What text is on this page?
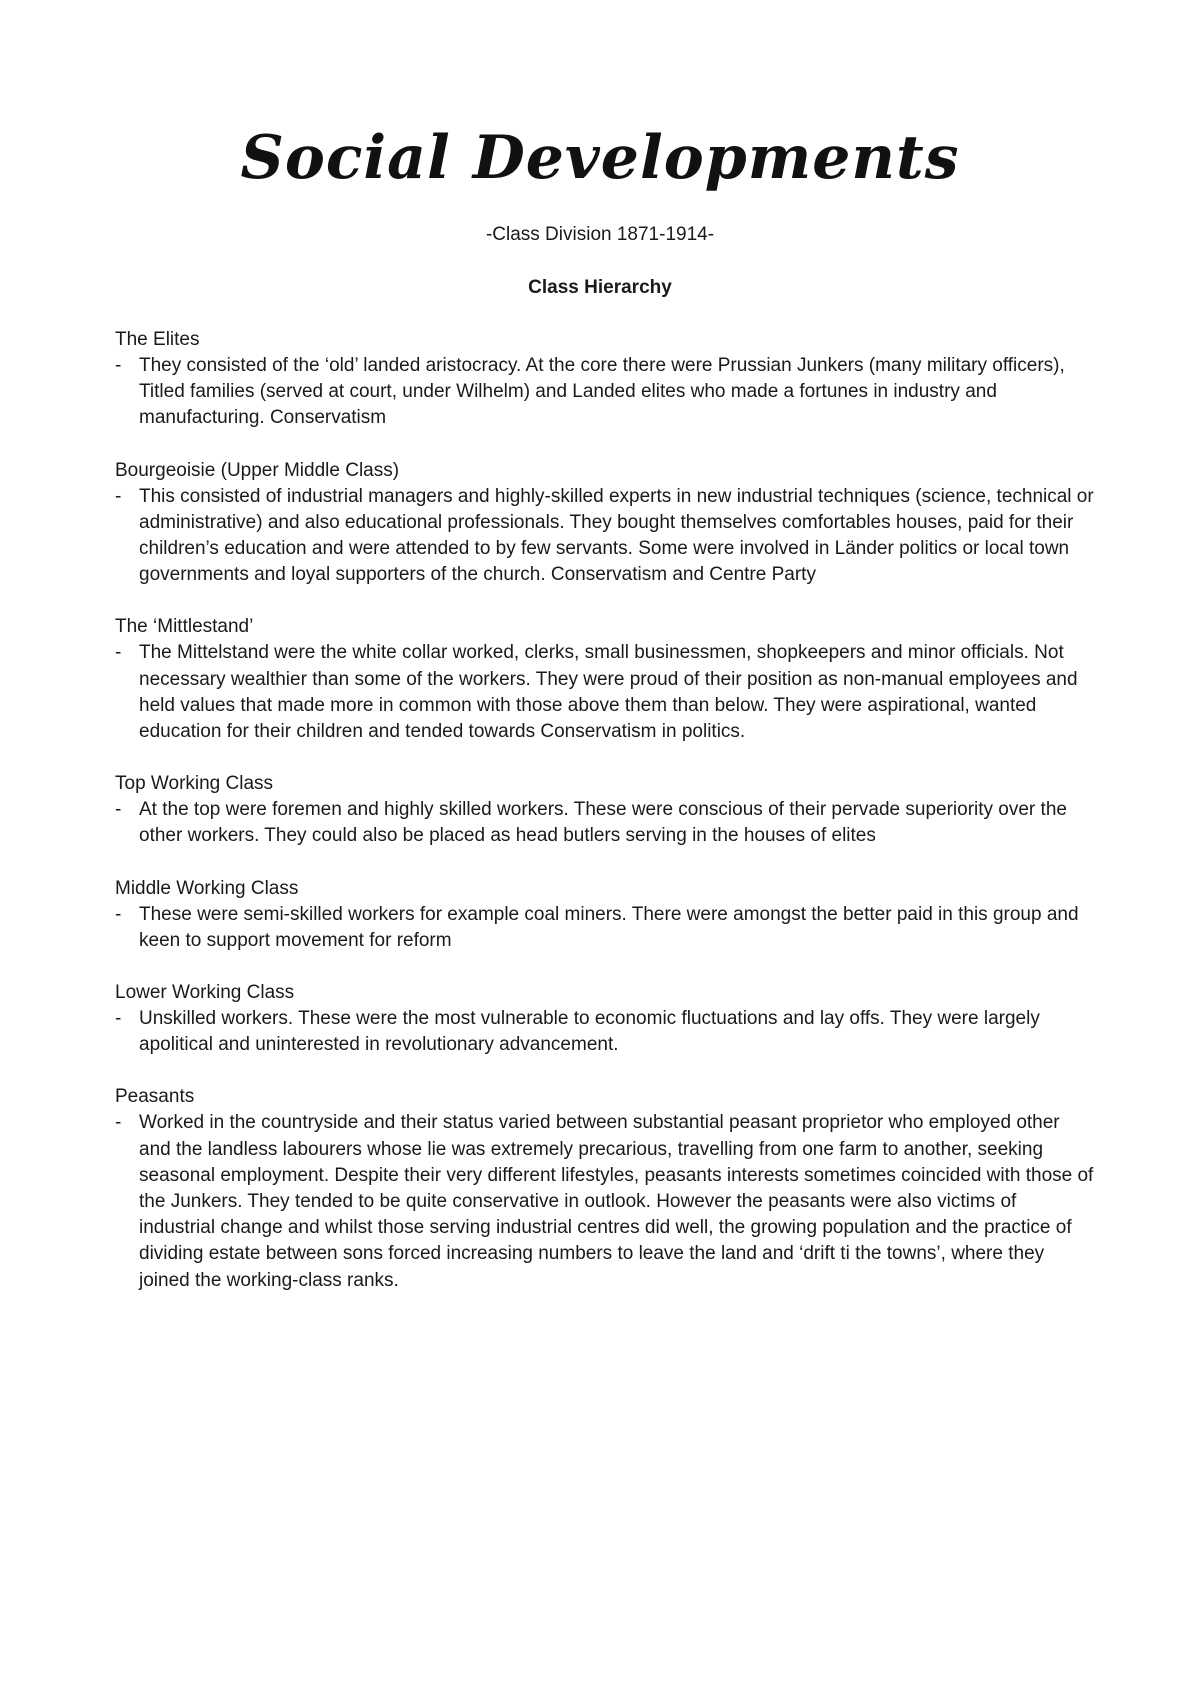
Social Developments
-Class Division 1871-1914-
Class Hierarchy

The Elites

- They consisted of the ‘old’ landed aristocracy. At the core there were Prussian Junkers (many military officers), Titled families (served at court, under Wilhelm) and Landed elites who made a fortunes in industry and manufacturing. Conservatism

Bourgeoisie (Upper Middle Class)

- This consisted of industrial managers and highly-skilled experts in new industrial techniques (science, technical or administrative) and also educational professionals. They bought themselves comfortables houses, paid for their children’s education and were attended to by few servants. Some were involved in Länder politics or local town governments and loyal supporters of the church. Conservatism and Centre Party

The ‘Mittlestand’

- The Mittelstand were the white collar worked, clerks, small businessmen, shopkeepers and minor officials. Not necessary wealthier than some of the workers. They were proud of their position as non-manual employees and held values that made more in common with those above them than below. They were aspirational, wanted education for their children and tended towards Conservatism in politics.

Top Working Class

- At the top were foremen and highly skilled workers. These were conscious of their pervade superiority over the other workers. They could also be placed as head butlers serving in the houses of elites

Middle Working Class

- These were semi-skilled workers for example coal miners. There were amongst the better paid in this group and keen to support movement for reform

Lower Working Class

- Unskilled workers. These were the most vulnerable to economic fluctuations and lay offs. They were largely apolitical and uninterested in revolutionary advancement.

Peasants

- Worked in the countryside and their status varied between substantial peasant proprietor who employed other and the landless labourers whose lie was extremely precarious, travelling from one farm to another, seeking seasonal employment. Despite their very different lifestyles, peasants interests sometimes coincided with those of the Junkers. They tended to be quite conservative in outlook. However the peasants were also victims of industrial change and whilst those serving industrial centres did well, the growing population and the practice of dividing estate between sons forced increasing numbers to leave the land and ‘drift ti the towns’, where they joined the working-class ranks.
